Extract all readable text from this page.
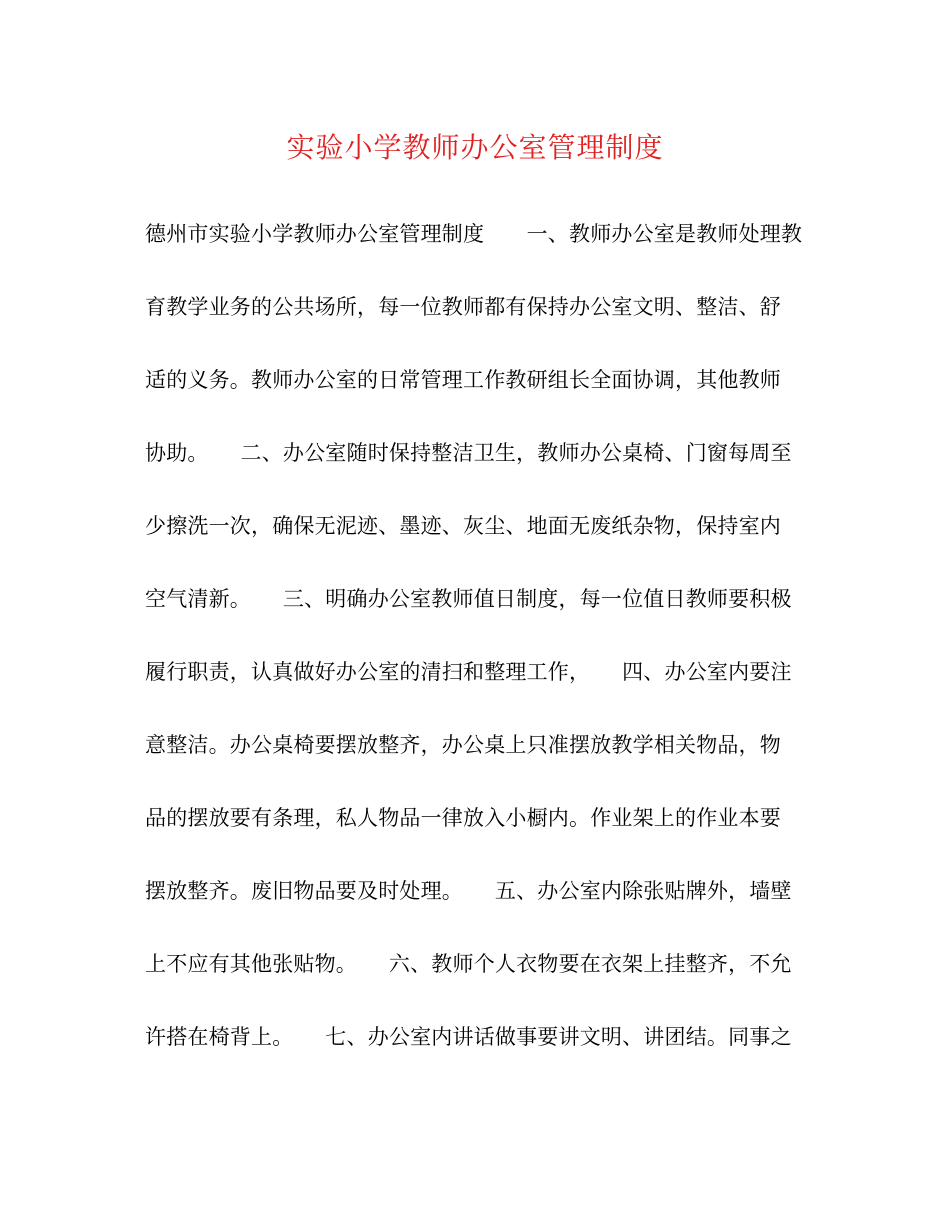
实验小学教师办公室管理制度
德州市实验小学教师办公室管理制度　　一、教师办公室是教师处理教
育教学业务的公共场所，每一位教师都有保持办公室文明、整洁、舒
适的义务。教师办公室的日常管理工作教研组长全面协调，其他教师
协助。　　二、办公室随时保持整洁卫生，教师办公桌椅、门窗每周至
少擦洗一次，确保无泥迹、墨迹、灰尘、地面无废纸杂物，保持室内
空气清新。　　三、明确办公室教师值日制度，每一位值日教师要积极
履行职责，认真做好办公室的清扫和整理工作，　　四、办公室内要注
意整洁。办公桌椅要摆放整齐，办公桌上只准摆放教学相关物品，物
品的摆放要有条理，私人物品一律放入小橱内。作业架上的作业本要
摆放整齐。废旧物品要及时处理。　　五、办公室内除张贴牌外，墙壁
上不应有其他张贴物。　　六、教师个人衣物要在衣架上挂整齐，不允
许搭在椅背上。　　七、办公室内讲话做事要讲文明、讲团结。同事之
